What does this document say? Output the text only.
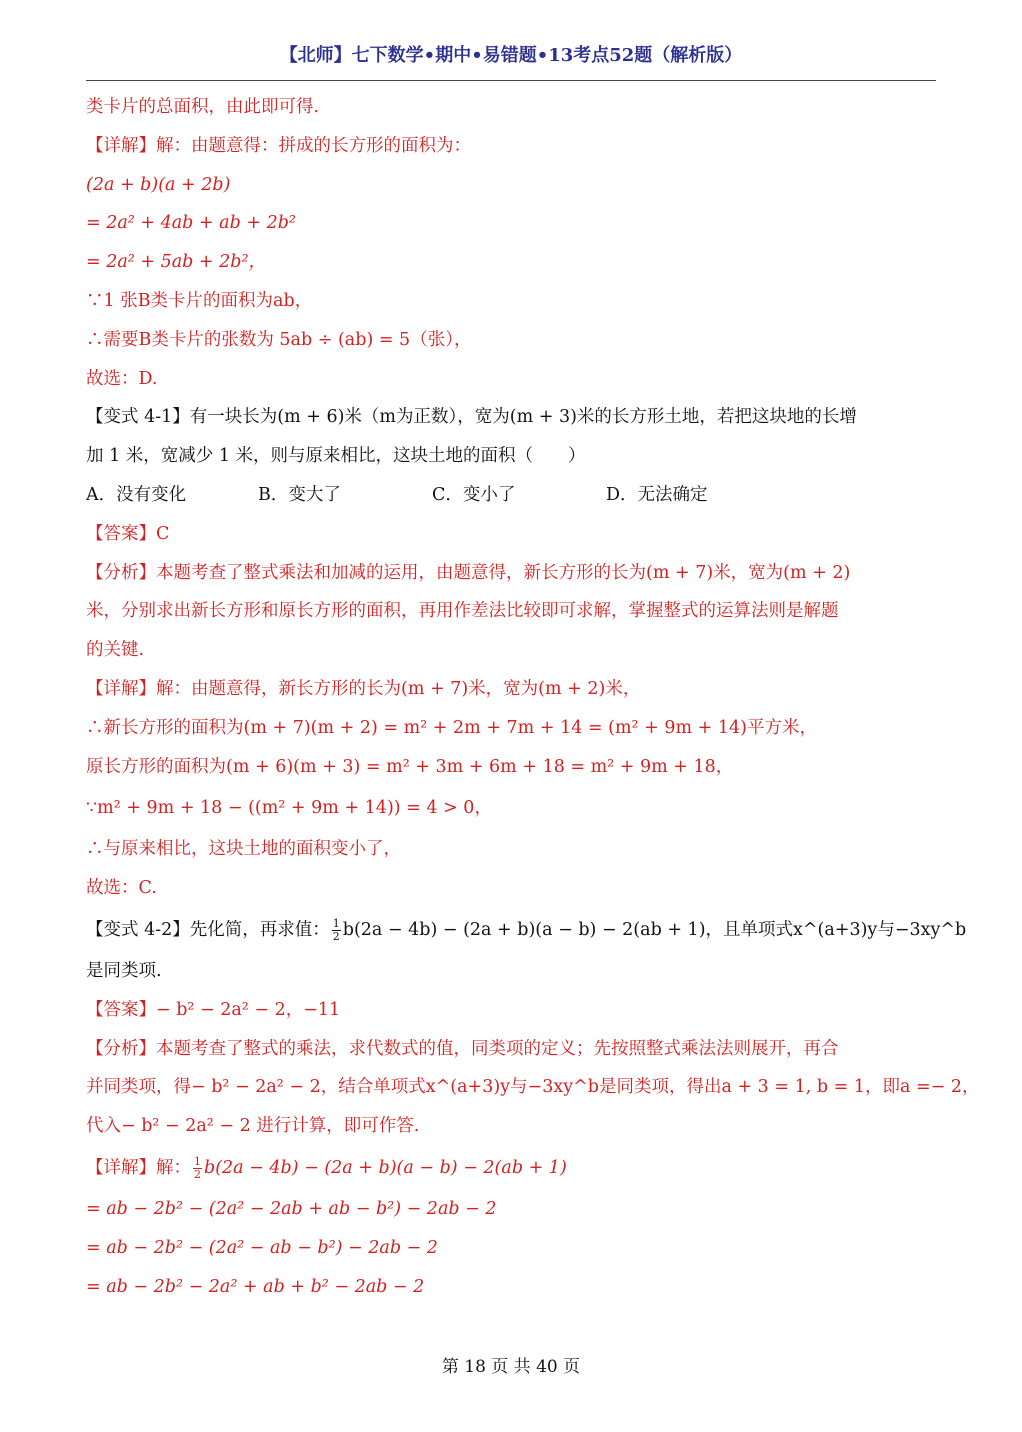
【北师】七下数学•期中•易错题•13考点52题（解析版）
类卡片的总面积，由此即可得.
【详解】解：由题意得：拼成的长方形的面积为：
(2a + b)(a + 2b)
= 2a² + 4ab + ab + 2b²
= 2a² + 5ab + 2b²，
∵1 张B类卡片的面积为ab，
∴需要B类卡片的张数为 5ab ÷ (ab) = 5（张），
故选：D.
【变式 4-1】有一块长为(m + 6)米（m为正数），宽为(m + 3)米的长方形土地，若把这块地的长增
加 1 米，宽减少 1 米，则与原来相比，这块土地的面积（　　）
A．没有变化	B．变大了	C．变小了	D．无法确定
【答案】C
【分析】本题考查了整式乘法和加减的运用，由题意得，新长方形的长为(m + 7)米，宽为(m + 2)
米，分别求出新长方形和原长方形的面积，再用作差法比较即可求解，掌握整式的运算法则是解题
的关键.
【详解】解：由题意得，新长方形的长为(m + 7)米，宽为(m + 2)米，
∴新长方形的面积为(m + 7)(m + 2) = m² + 2m + 7m + 14 = (m² + 9m + 14)平方米，
原长方形的面积为(m + 6)(m + 3) = m² + 3m + 6m + 18 = m² + 9m + 18，
∵m² + 9m + 18 − ((m² + 9m + 14)) = 4 > 0，
∴与原来相比，这块土地的面积变小了，
故选：C.
【变式 4-2】先化简，再求值： $\frac{1}{2} b(2a - 4b) - (2a + b)(a - b) - 2(ab + 1)$，且单项式x^(a+3)y与−3xy^b
是同类项.
【答案】− b² − 2a² − 2，−11
【分析】本题考查了整式的乘法，求代数式的值，同类项的定义；先按照整式乘法法则展开，再合
并同类项，得− b² − 2a² − 2，结合单项式x^(a+3)y与−3xy^b是同类项，得出a + 3 = 1, b = 1，即a =− 2，
代入− b² − 2a² − 2 进行计算，即可作答.
【详解】解： $\frac{1}{2} b(2a - 4b) - (2a + b)(a - b) - 2(ab + 1)$
= ab − 2b² − (2a² − 2ab + ab − b²) − 2ab − 2
= ab − 2b² − (2a² − ab − b²) − 2ab − 2
= ab − 2b² − 2a² + ab + b² − 2ab − 2
第 18 页 共 40 页
